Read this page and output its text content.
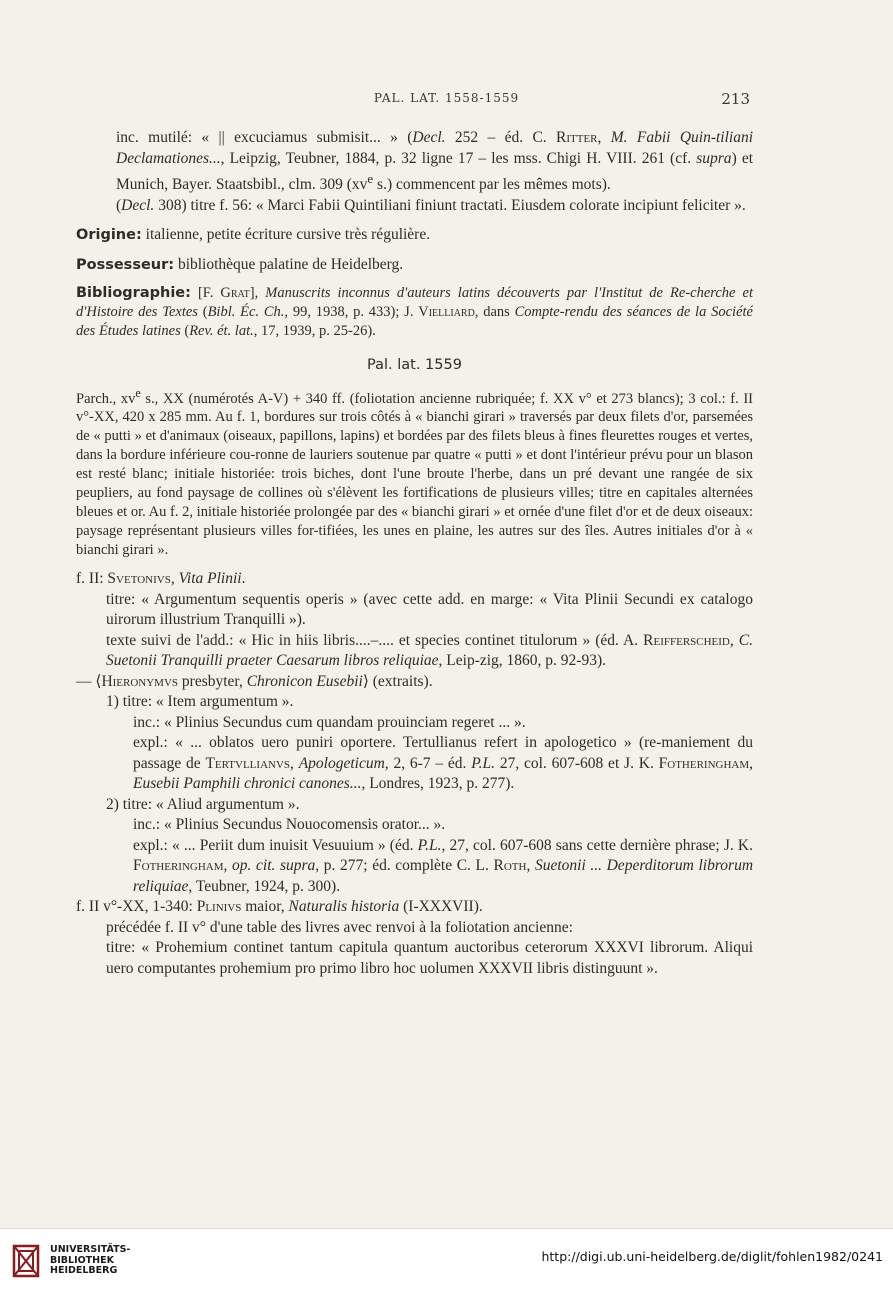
PAL. LAT. 1558-1559	213

inc. mutilé: « || excuciamus submisit... » (Decl. 252 – éd. C. Ritter, M. Fabii Quin-tiliani Declamationes..., Leipzig, Teubner, 1884, p. 32 ligne 17 – les mss. Chigi H. VIII. 261 (cf. supra) et Munich, Bayer. Staatsbibl., clm. 309 ($xv^e$ s.) commencent par les mêmes mots).

(Decl. 308) titre f. 56: « Marci Fabii Quintiliani finiunt tractati. Eiusdem colorate incipiunt feliciter ».

Origine: italienne, petite écriture cursive très régulière.

Possesseur: bibliothèque palatine de Heidelberg.

Bibliographie: [F. Grat], Manuscrits inconnus d'auteurs latins découverts par l'Institut de Re-cherche et d'Histoire des Textes (Bibl. Éc. Ch., 99, 1938, p. 433); J. Vielliard, dans Compte-rendu des séances de la Société des Études latines (Rev. ét. lat., 17, 1939, p. 25-26).

Pal. lat. 1559

Parch., $xv^e$ s., XX (numérotés A-V) + 340 ff. (foliotation ancienne rubriquée; f. XX v° et 273 blancs); 3 col.: f. II v°-XX, 420 x 285 mm. Au f. 1, bordures sur trois côtés à « bianchi girari » traversés par deux filets d'or, parsemées de « putti » et d'animaux (oiseaux, papillons, lapins) et bordées par des filets bleus à fines fleurettes rouges et vertes, dans la bordure inférieure cou-ronne de lauriers soutenue par quatre « putti » et dont l'intérieur prévu pour un blason est resté blanc; initiale historiée: trois biches, dont l'une broute l'herbe, dans un pré devant une rangée de six peupliers, au fond paysage de collines où s'élèvent les fortifications de plusieurs villes; titre en capitales alternées bleues et or. Au f. 2, initiale historiée prolongée par des « bianchi girari » et ornée d'une filet d'or et de deux oiseaux: paysage représentant plusieurs villes for-tifiées, les unes en plaine, les autres sur des îles. Autres initiales d'or à « bianchi girari ».

f. II: Svetonivs, Vita Plinii.

titre: « Argumentum sequentis operis » (avec cette add. en marge: « Vita Plinii Secundi ex catalogo uirorum illustrium Tranquilli »).

texte suivi de l'add.: « Hic in hiis libris....–.... et species continet titulorum » (éd. A. Reifferscheid, C. Suetonii Tranquilli praeter Caesarum libros reliquiae, Leip-zig, 1860, p. 92-93).

— ⟨Hieronymvs presbyter, Chronicon Eusebii⟩ (extraits).

1) titre: « Item argumentum ».

inc.: « Plinius Secundus cum quandam prouinciam regeret ... ».

expl.: « ... oblatos uero puniri oportere. Tertullianus refert in apologetico » (re-maniement du passage de Tertvllianvs, Apologeticum, 2, 6-7 – éd. P.L. 27, col. 607-608 et J. K. Fotheringham, Eusebii Pamphili chronici canones..., Londres, 1923, p. 277).

2) titre: « Aliud argumentum ».

inc.: « Plinius Secundus Nouocomensis orator... ».

expl.: « ... Periit dum inuisit Vesuuium » (éd. P.L., 27, col. 607-608 sans cette dernière phrase; J. K. Fotheringham, op. cit. supra, p. 277; éd. complète C. L. Roth, Suetonii ... Deperditorum librorum reliquiae, Teubner, 1924, p. 300).

f. II v°-XX, 1-340: Plinivs maior, Naturalis historia (I-XXXVII).

précédée f. II v° d'une table des livres avec renvoi à la foliotation ancienne:

titre: « Prohemium continet tantum capitula quantum auctoribus ceterorum XXXVI librorum. Aliqui uero computantes prohemium pro primo libro hoc uolumen XXXVII libris distinguunt ».

UNIVERSITÄTS-
BIBLIOTHEK
HEIDELBERG
http://digi.ub.uni-heidelberg.de/diglit/fohlen1982/0241
